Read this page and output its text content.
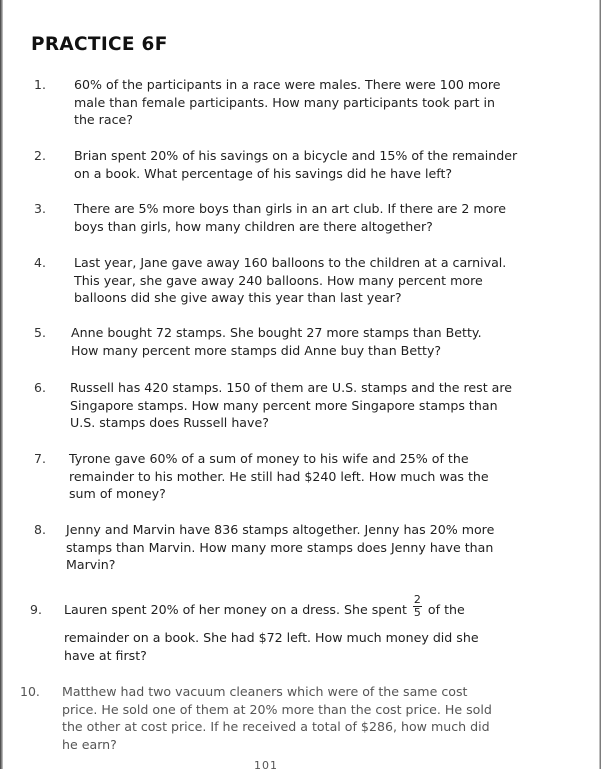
PRACTICE 6F
1. 60% of the participants in a race were males. There were 100 more
male than female participants. How many participants took part in
the race?
2. Brian spent 20% of his savings on a bicycle and 15% of the remainder
on a book. What percentage of his savings did he have left?
3. There are 5% more boys than girls in an art club. If there are 2 more
boys than girls, how many children are there altogether?
4. Last year, Jane gave away 160 balloons to the children at a carnival.
This year, she gave away 240 balloons. How many percent more
balloons did she give away this year than last year?
5. Anne bought 72 stamps. She bought 27 more stamps than Betty.
How many percent more stamps did Anne buy than Betty?
6. Russell has 420 stamps. 150 of them are U.S. stamps and the rest are
Singapore stamps. How many percent more Singapore stamps than
U.S. stamps does Russell have?
7. Tyrone gave 60% of a sum of money to his wife and 25% of the
remainder to his mother. He still had $240 left. How much was the
sum of money?
8. Jenny and Marvin have 836 stamps altogether. Jenny has 20% more
stamps than Marvin. How many more stamps does Jenny have than
Marvin?
9. Lauren spent 20% of her money on a dress. She spent $\frac{2}{5}$ of the
remainder on a book. She had $72 left. How much money did she
have at first?
10. Matthew had two vacuum cleaners which were of the same cost
price. He sold one of them at 20% more than the cost price. He sold
the other at cost price. If he received a total of $286, how much did
he earn?
101
